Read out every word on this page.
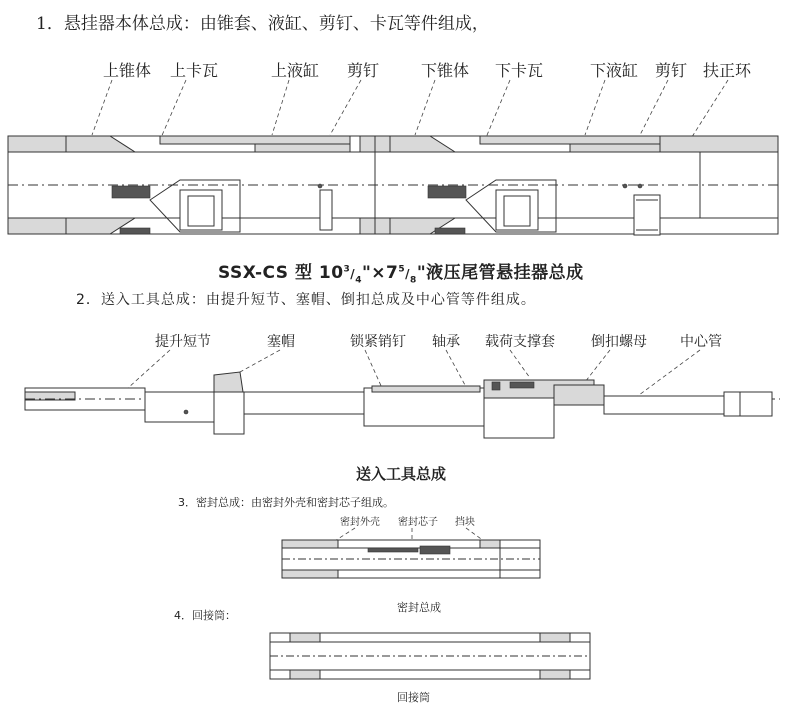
1．悬挂器本体总成：由锥套、液缸、剪钉、卡瓦等件组成，
上锥体 上卡瓦	上液缸 剪钉	下锥体 下卡瓦	下液缸 剪钉 扶正环
SSX-CS 型 $10^3/_4"\times 7^5/_8$"液压尾管悬挂器总成
2．送入工具总成：由提升短节、塞帽、倒扣总成及中心管等件组成。
提升短节	塞帽	锁紧销钉 轴承 载荷支撑套	倒扣螺母 中心管
送入工具总成
3．密封总成：由密封外壳和密封芯子组成。
密封外壳 密封芯子 挡块
密封总成
4．回接筒：
回接筒
